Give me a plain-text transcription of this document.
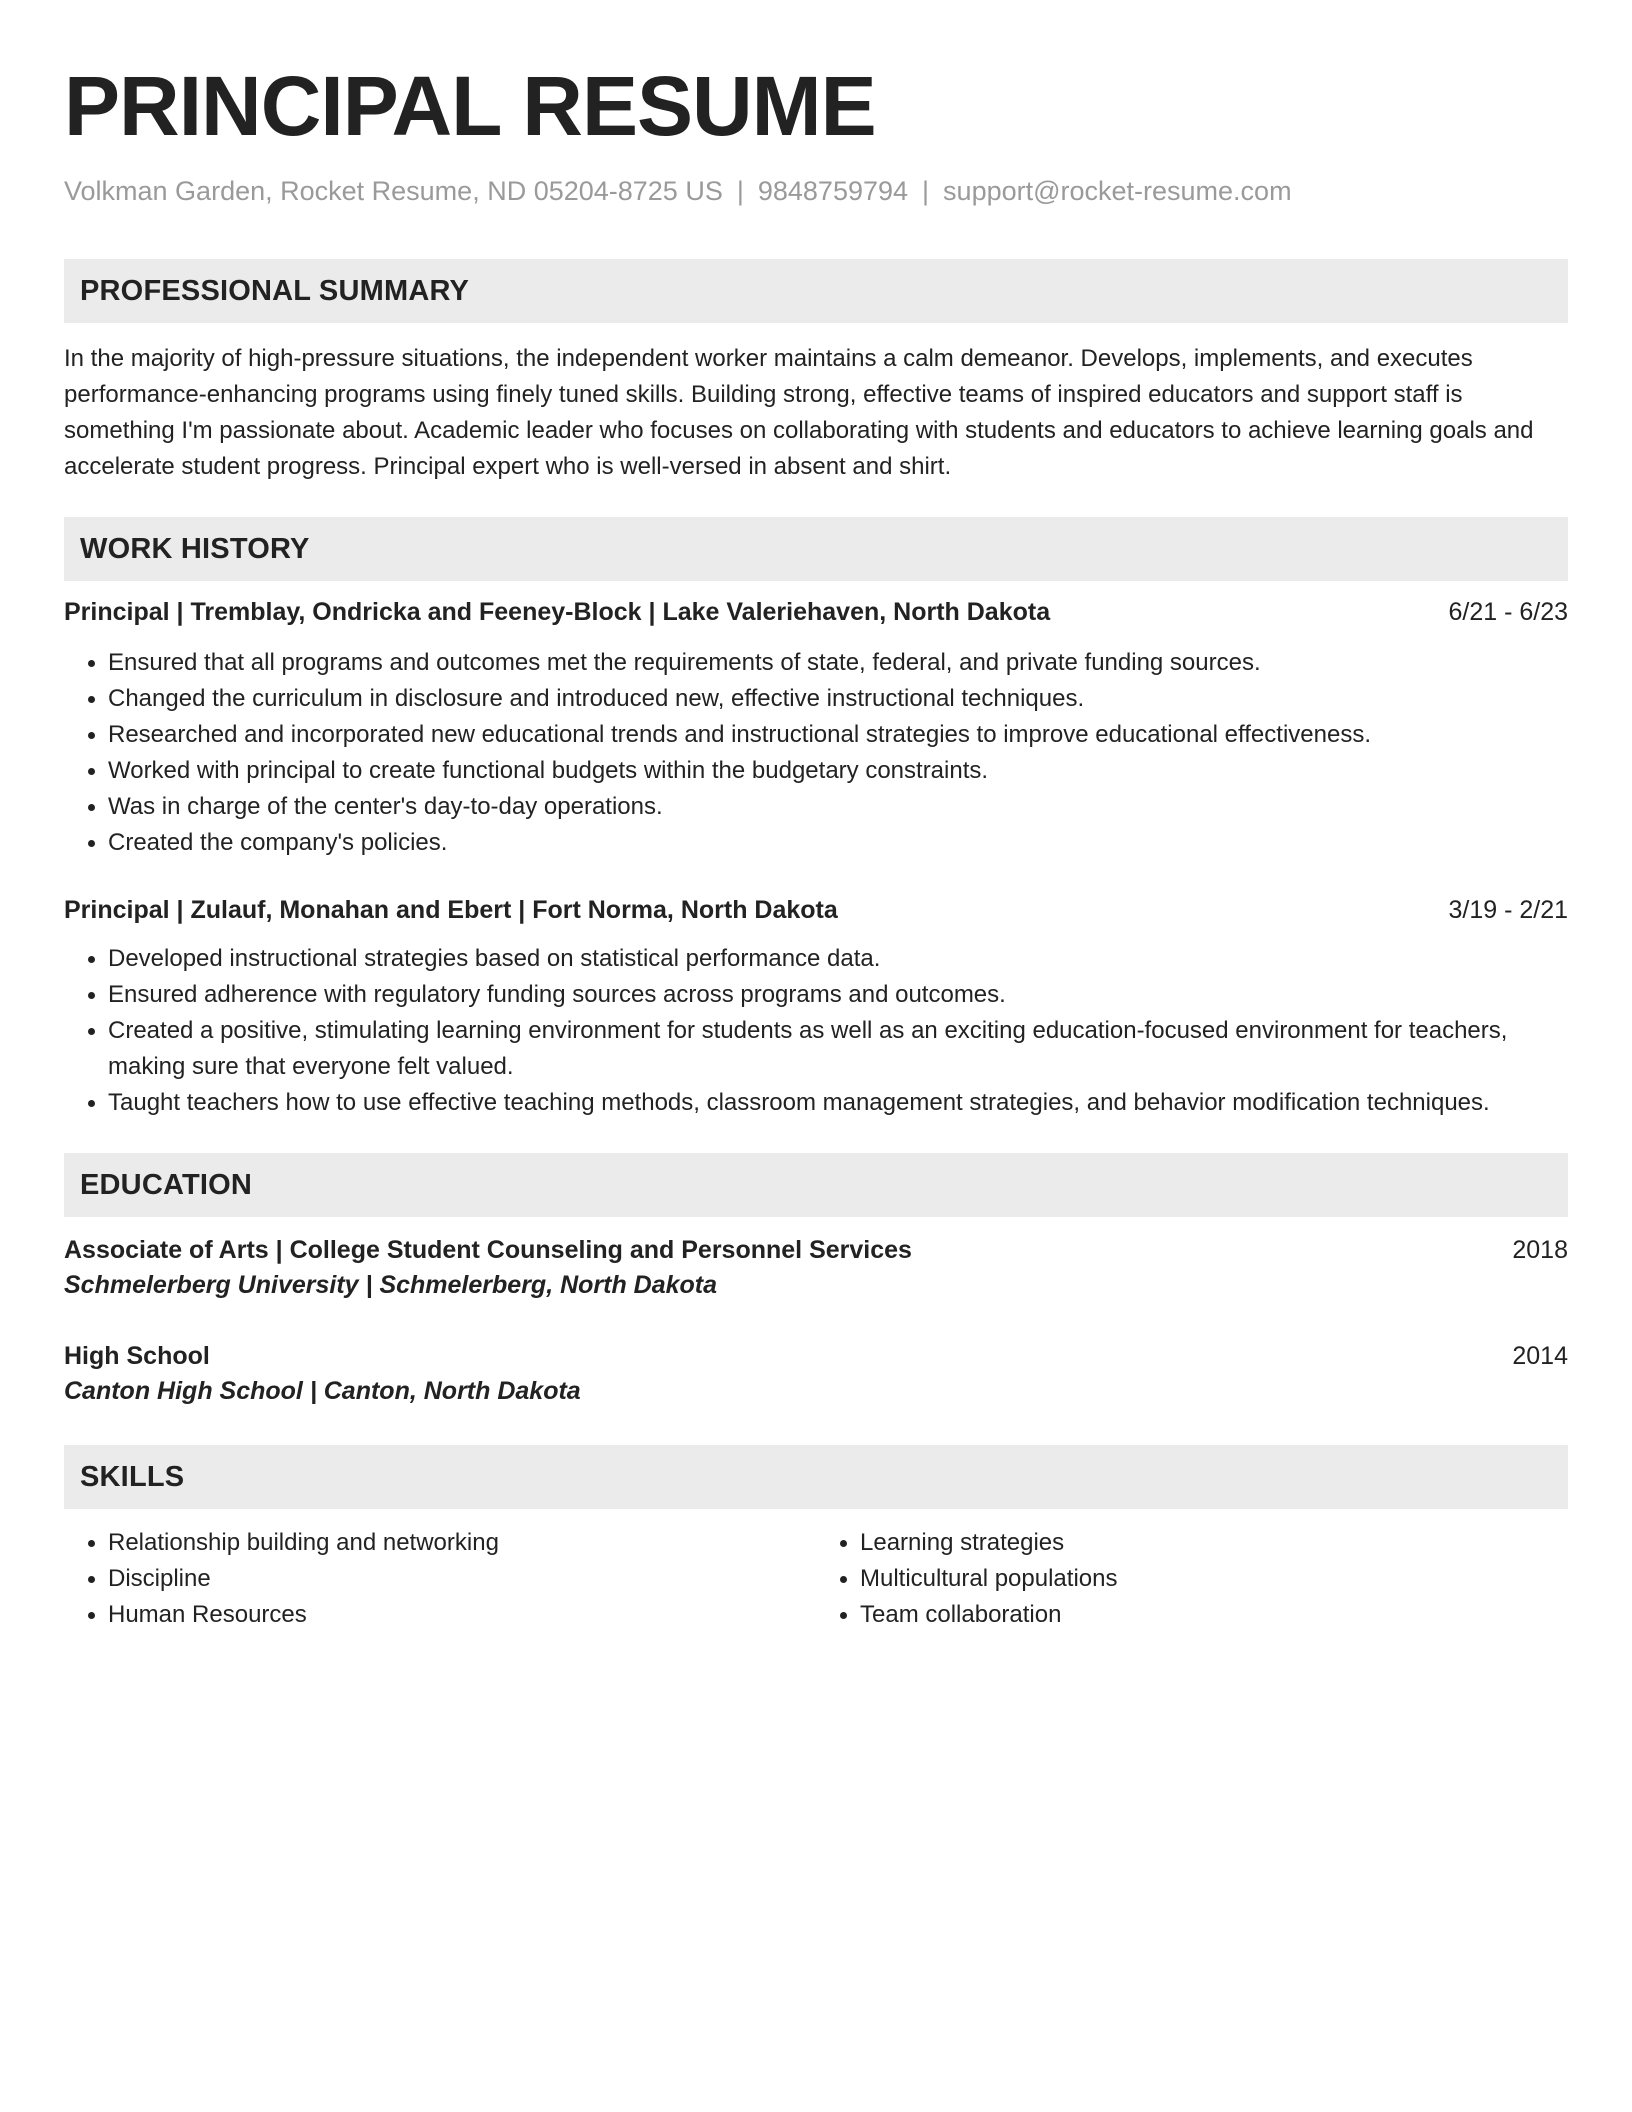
PRINCIPAL RESUME
Volkman Garden, Rocket Resume, ND 05204-8725 US | 9848759794 | support@rocket-resume.com
PROFESSIONAL SUMMARY
In the majority of high-pressure situations, the independent worker maintains a calm demeanor. Develops, implements, and executes performance-enhancing programs using finely tuned skills. Building strong, effective teams of inspired educators and support staff is something I'm passionate about. Academic leader who focuses on collaborating with students and educators to achieve learning goals and accelerate student progress. Principal expert who is well-versed in absent and shirt.
WORK HISTORY
Principal | Tremblay, Ondricka and Feeney-Block | Lake Valeriehaven, North Dakota	6/21 - 6/23
• Ensured that all programs and outcomes met the requirements of state, federal, and private funding sources.
• Changed the curriculum in disclosure and introduced new, effective instructional techniques.
• Researched and incorporated new educational trends and instructional strategies to improve educational effectiveness.
• Worked with principal to create functional budgets within the budgetary constraints.
• Was in charge of the center's day-to-day operations.
• Created the company's policies.
Principal | Zulauf, Monahan and Ebert | Fort Norma, North Dakota	3/19 - 2/21
• Developed instructional strategies based on statistical performance data.
• Ensured adherence with regulatory funding sources across programs and outcomes.
• Created a positive, stimulating learning environment for students as well as an exciting education-focused environment for teachers, making sure that everyone felt valued.
• Taught teachers how to use effective teaching methods, classroom management strategies, and behavior modification techniques.
EDUCATION
Associate of Arts | College Student Counseling and Personnel Services	2018
Schmelerberg University | Schmelerberg, North Dakota
High School	2014
Canton High School | Canton, North Dakota
SKILLS
• Relationship building and networking
• Discipline
• Human Resources
• Learning strategies
• Multicultural populations
• Team collaboration
